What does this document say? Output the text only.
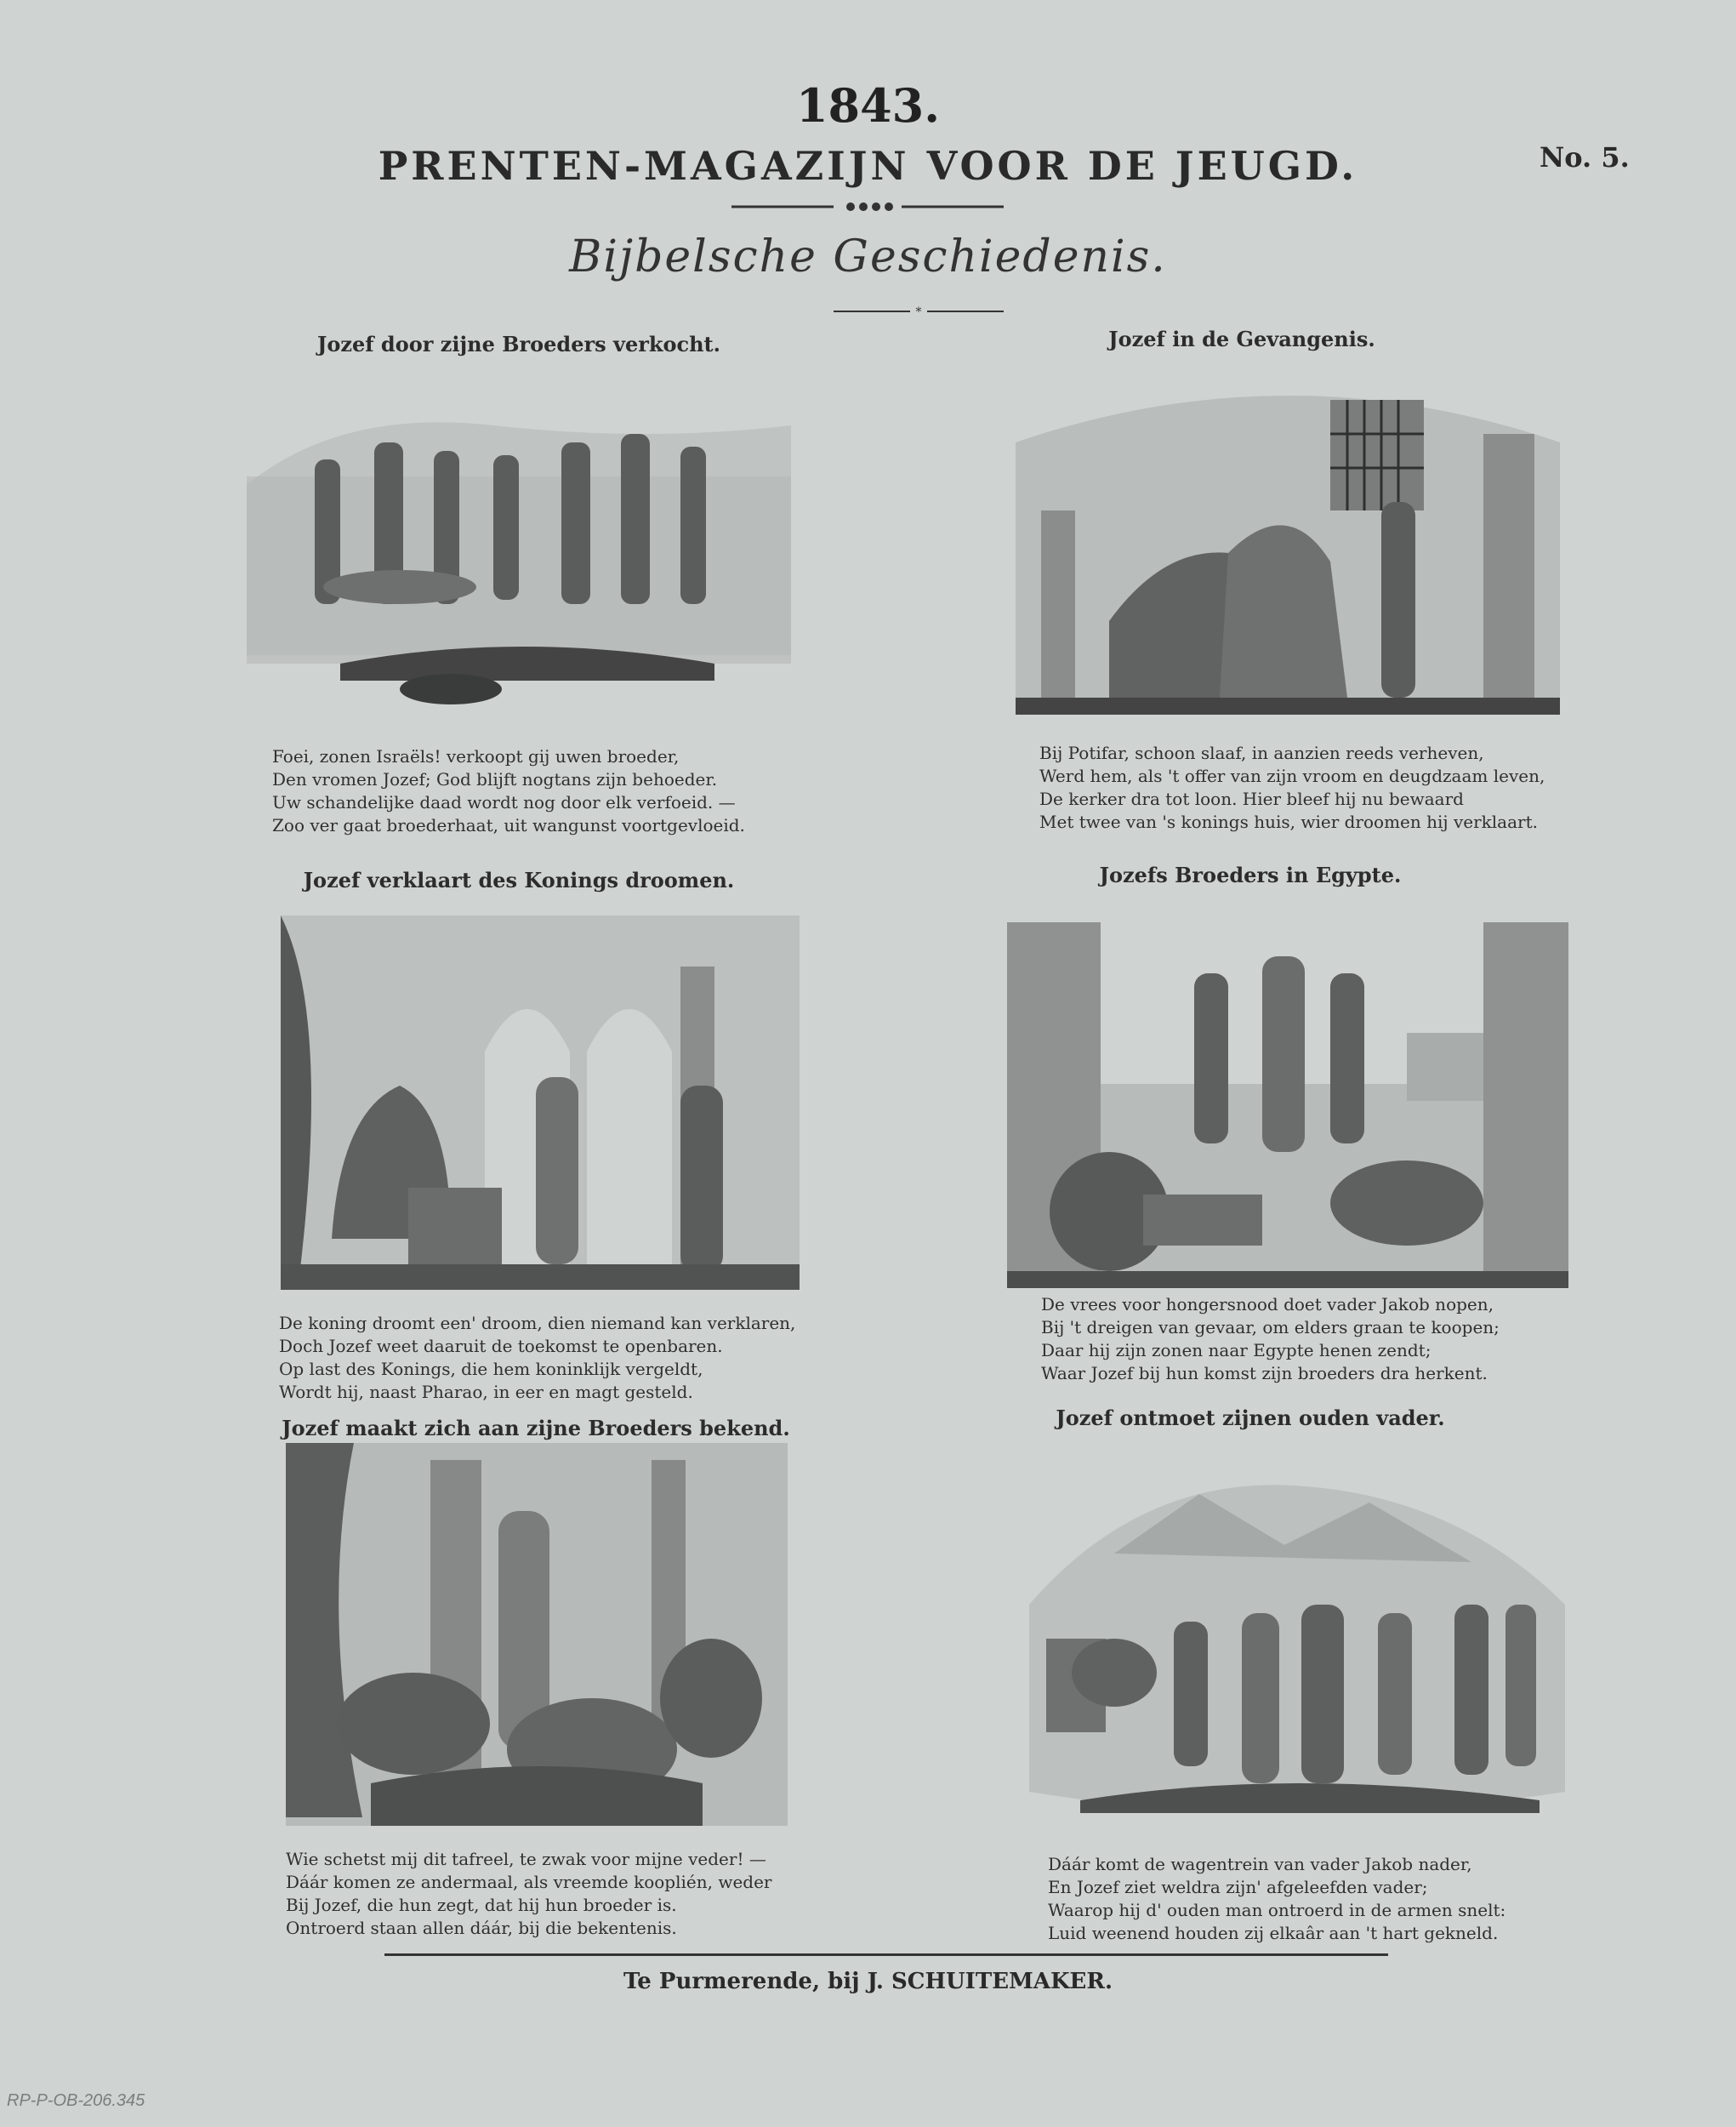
1843.
PRENTEN-MAGAZIJN VOOR DE JEUGD.	No. 5.
Bijbelsche Geschiedenis.
*
Jozef door zijne Broeders verkocht.
Foei, zonen Israëls! verkoopt gij uwen broeder,
Den vromen Jozef; God blijft nogtans zijn behoeder.
Uw schandelijke daad wordt nog door elk verfoeid. —
Zoo ver gaat broederhaat, uit wangunst voortgevloeid.
Jozef in de Gevangenis.
Bij Potifar, schoon slaaf, in aanzien reeds verheven,
Werd hem, als 't offer van zijn vroom en deugdzaam leven,
De kerker dra tot loon. Hier bleef hij nu bewaard
Met twee van 's konings huis, wier droomen hij verklaart.
Jozef verklaart des Konings droomen.
De koning droomt een' droom, dien niemand kan verklaren,
Doch Jozef weet daaruit de toekomst te openbaren.
Op last des Konings, die hem koninklijk vergeldt,
Wordt hij, naast Pharao, in eer en magt gesteld.
Jozefs Broeders in Egypte.
De vrees voor hongersnood doet vader Jakob nopen,
Bij 't dreigen van gevaar, om elders graan te koopen;
Daar hij zijn zonen naar Egypte henen zendt;
Waar Jozef bij hun komst zijn broeders dra herkent.
Jozef maakt zich aan zijne Broeders bekend.
Wie schetst mij dit tafreel, te zwak voor mijne veder! —
Dáár komen ze andermaal, als vreemde kooplién, weder
Bij Jozef, die hun zegt, dat hij hun broeder is.
Ontroerd staan allen dáár, bij die bekentenis.
Jozef ontmoet zijnen ouden vader.
Dáár komt de wagentrein van vader Jakob nader,
En Jozef ziet weldra zijn' afgeleefden vader;
Waarop hij d' ouden man ontroerd in de armen snelt:
Luid weenend houden zij elkaâr aan 't hart gekneld.
Te Purmerende, bij J. SCHUITEMAKER.
RP-P-OB-206.345
